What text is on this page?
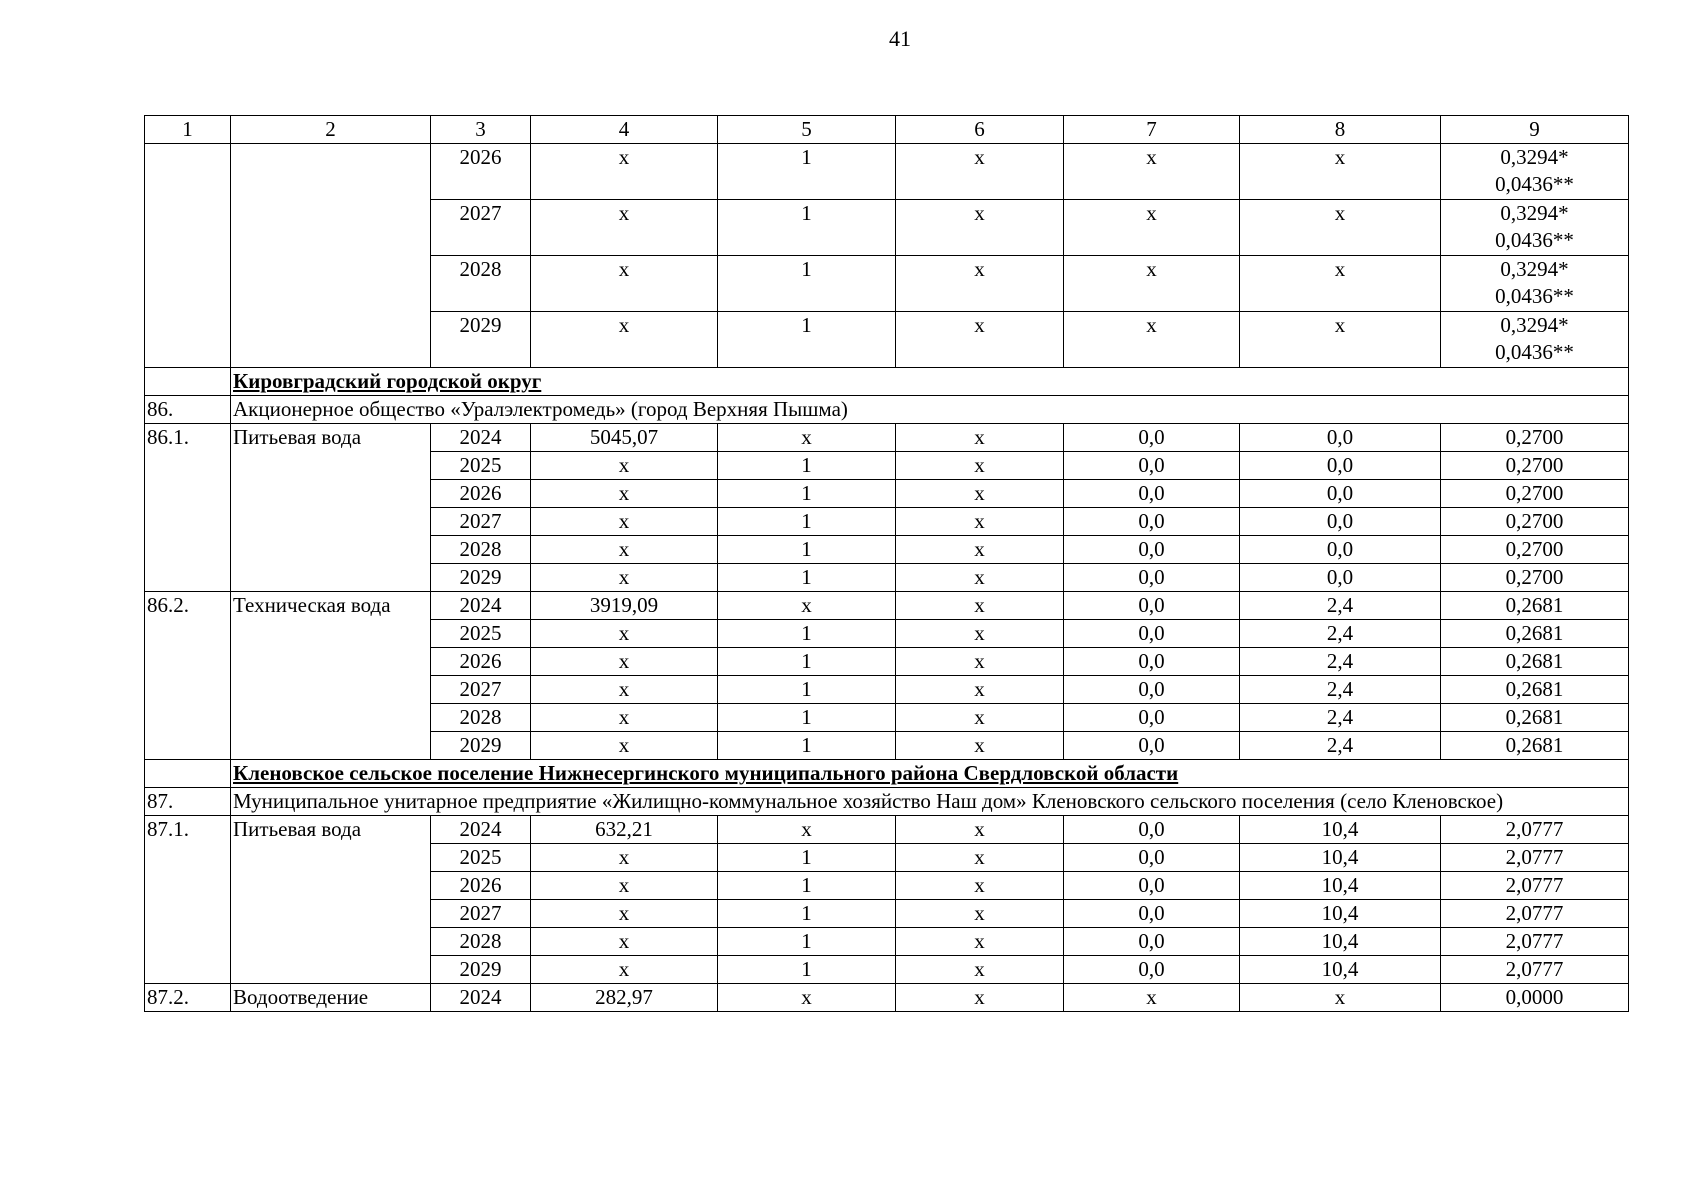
41
1	2	3	4	5	6	7	8	9
		2026	х	1	х	х	х	0,3294*
0,0436**
		2027	х	1	х	х	х	0,3294*
0,0436**
		2028	х	1	х	х	х	0,3294*
0,0436**
		2029	х	1	х	х	х	0,3294*
0,0436**
	Кировградский городской округ							
86.	Акционерное общество «Уралэлектромедь» (город Верхняя Пышма)							
86.1.	Питьевая вода	2024	5045,07	х	х	0,0	0,0	0,2700
		2025	х	1	х	0,0	0,0	0,2700
		2026	х	1	х	0,0	0,0	0,2700
		2027	х	1	х	0,0	0,0	0,2700
		2028	х	1	х	0,0	0,0	0,2700
		2029	х	1	х	0,0	0,0	0,2700
86.2.	Техническая вода	2024	3919,09	х	х	0,0	2,4	0,2681
		2025	х	1	х	0,0	2,4	0,2681
		2026	х	1	х	0,0	2,4	0,2681
		2027	х	1	х	0,0	2,4	0,2681
		2028	х	1	х	0,0	2,4	0,2681
		2029	х	1	х	0,0	2,4	0,2681
	Кленовское сельское поселение Нижнесергинского муниципального района Свердловской области							
87.	Муниципальное унитарное предприятие «Жилищно-коммунальное хозяйство Наш дом» Кленовского сельского поселения (село Кленовское)							
87.1.	Питьевая вода	2024	632,21	х	х	0,0	10,4	2,0777
		2025	х	1	х	0,0	10,4	2,0777
		2026	х	1	х	0,0	10,4	2,0777
		2027	х	1	х	0,0	10,4	2,0777
		2028	х	1	х	0,0	10,4	2,0777
		2029	х	1	х	0,0	10,4	2,0777
87.2.	Водоотведение	2024	282,97	х	х	х	х	0,0000
